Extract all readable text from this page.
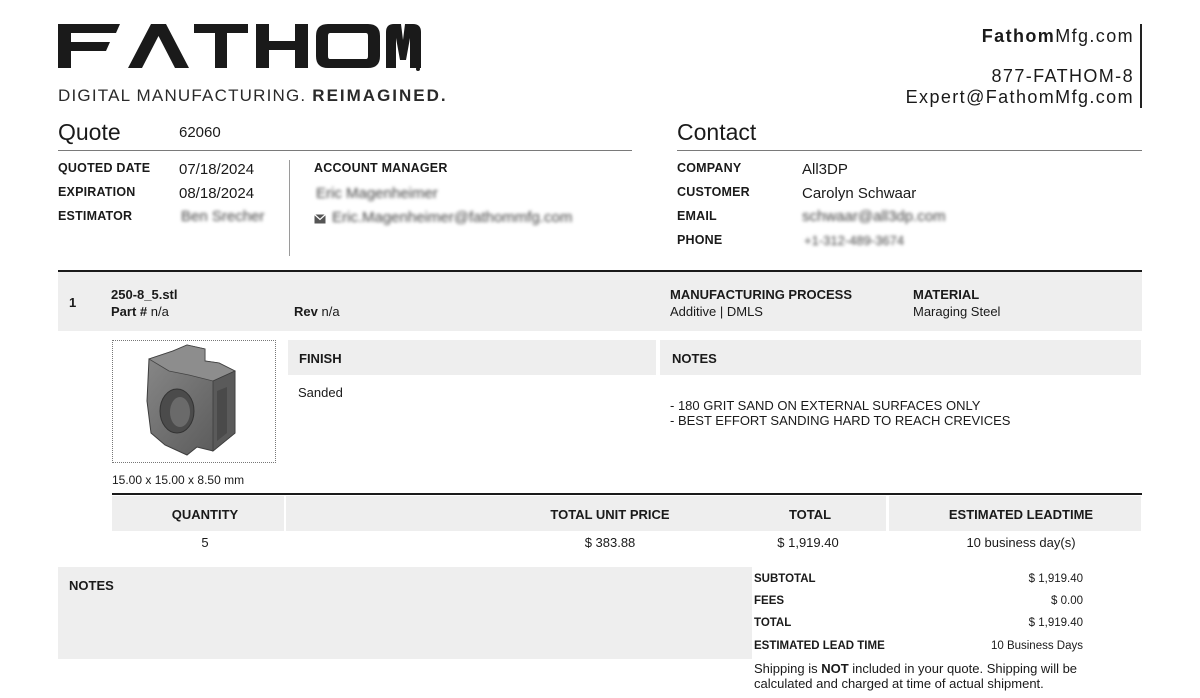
DIGITAL MANUFACTURING. REIMAGINED.
FathomMfg.com
877-FATHOM-8
Expert@FathomMfg.com
Quote	62060
QUOTED DATE 07/18/2024
EXPIRATION	08/18/2024
ESTIMATOR	Ben Srecher
ACCOUNT MANAGER
Eric Magenheimer
Eric.Magenheimer@fathommfg.com
Contact
COMPANY	All3DP
CUSTOMER	Carolyn Schwaar
EMAIL	schwaar@all3dp.com
PHONE	+1-312-489-3674
1
250-8_5.stl
Part # n/a	Rev n/a
MANUFACTURING PROCESS
Additive | DMLS
MATERIAL
Maraging Steel
15.00 x 15.00 x 8.50 mm
FINISH
Sanded
NOTES
- 180 GRIT SAND ON EXTERNAL SURFACES ONLY
- BEST EFFORT SANDING HARD TO REACH CREVICES
QUANTITY	TOTAL UNIT PRICE	TOTAL	ESTIMATED LEADTIME
5	$ 383.88	$ 1,919.40	10 business day(s)
NOTES	SUBTOTAL	$ 1,919.40
FEES	$ 0.00
TOTAL	$ 1,919.40
ESTIMATED LEAD TIME	10 Business Days
Shipping is NOT included in your quote. Shipping will be calculated and charged at time of actual shipment.
